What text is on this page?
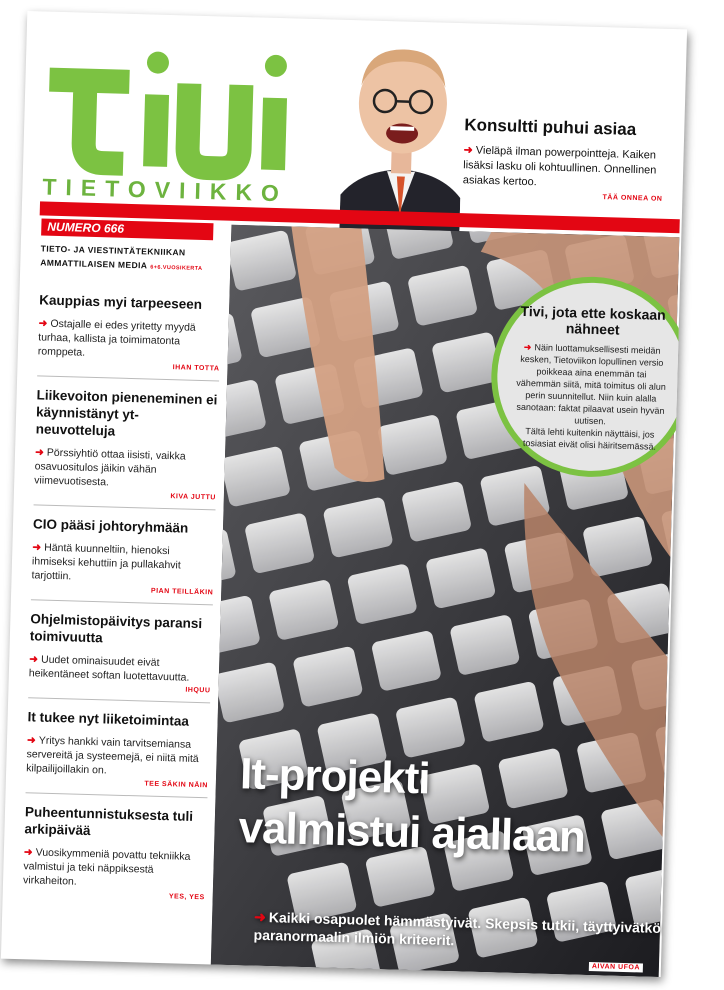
TIETOVIIKKO
Konsultti puhui asiaa

➜ Vieläpä ilman powerpointteja. Kaiken lisäksi lasku oli kohtuullinen. Onnellinen asiakas kertoo.

TÄÄ ONNEA ON
NUMERO 666
TIETO- JA VIESTINTÄTEKNIIKAN
AMMATTILAISEN MEDIA 6+6.VUOSIKERTA
Kauppias myi tarpeeseen

➜ Ostajalle ei edes yritetty myydä turhaa, kallista ja toimimatonta romppeta.

IHAN TOTTA
Liikevoiton pieneneminen ei käynnistänyt yt-neuvotteluja

➜ Pörssiyhtiö ottaa iisisti, vaikka osavuositulos jäikin vähän viimevuotisesta.

KIVA JUTTU
CIO pääsi johtoryhmään

➜ Häntä kuunneltiin, hienoksi ihmiseksi kehuttiin ja pullakahvit tarjottiin.

PIAN TEILLÄKIN
Ohjelmistopäivitys paransi toimivuutta

➜ Uudet ominaisuudet eivät heikentäneet softan luotettavuutta.

IHQUU
It tukee nyt liiketoimintaa

➜ Yritys hankki vain tarvitsemiansa servereitä ja systeemejä, ei niitä mitä kilpailijoillakin on.

TEE SÄKIN NÄIN
Puheentunnistuksesta tuli arkipäivää

➜ Vuosikymmeniä povattu tekniikka valmistui ja teki näppiksestä virkaheiton.

YES, YES
Tivi, jota ette koskaan nähneet

➜ Näin luottamuksellisesti meidän kesken, Tietoviikon lopullinen versio poikkeaa aina enemmän tai vähemmän siitä, mitä toimitus oli alun perin suunnitellut. Niin kuin alalla sanotaan: faktat pilaavat usein hyvän uutisen.

Tältä lehti kuitenkin näyttäisi, jos tosiasiat eivät olisi häiritsemässä.

It-projekti
valmistui ajallaan
➜ Kaikki osapuolet hämmästyivät. Skepsis tutkii, täyttyivätkö paranormaalin ilmiön kriteerit.
AIVAN UFOA
